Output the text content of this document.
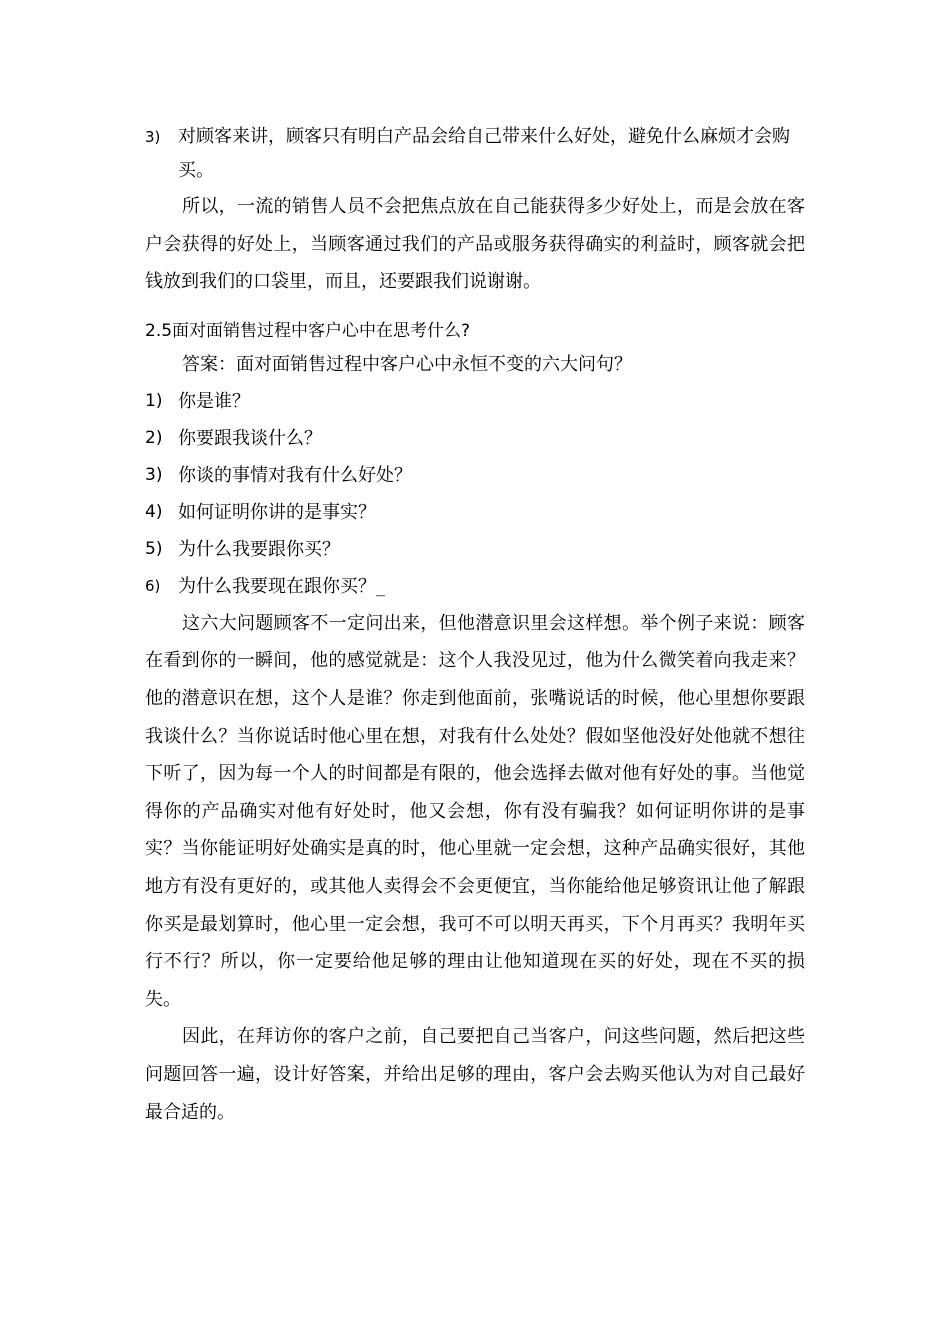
3) 对顾客来讲，顾客只有明白产品会给自己带来什么好处，避免什么麻烦才会购买。

所以，一流的销售人员不会把焦点放在自己能获得多少好处上，而是会放在客户会获得的好处上，当顾客通过我们的产品或服务获得确实的利益时，顾客就会把钱放到我们的口袋里，而且，还要跟我们说谢谢。

2.5面对面销售过程中客户心中在思考什么?

答案：面对面销售过程中客户心中永恒不变的六大问句？

1) 你是谁？
2) 你要跟我谈什么？
3) 你谈的事情对我有什么好处？
4) 如何证明你讲的是事实？
5) 为什么我要跟你买？
6) 为什么我要现在跟你买？_

这六大问题顾客不一定问出来，但他潜意识里会这样想。举个例子来说：顾客在看到你的一瞬间，他的感觉就是：这个人我没见过，他为什么微笑着向我走来？他的潜意识在想，这个人是谁？你走到他面前，张嘴说话的时候，他心里想你要跟我谈什么？当你说话时他心里在想，对我有什么处处？假如坚他没好处他就不想往下听了，因为每一个人的时间都是有限的，他会选择去做对他有好处的事。当他觉得你的产品确实对他有好处时，他又会想，你有没有骗我？如何证明你讲的是事实？当你能证明好处确实是真的时，他心里就一定会想，这种产品确实很好，其他地方有没有更好的，或其他人卖得会不会更便宜，当你能给他足够资讯让他了解跟你买是最划算时，他心里一定会想，我可不可以明天再买，下个月再买？我明年买行不行？所以，你一定要给他足够的理由让他知道现在买的好处，现在不买的损失。

因此，在拜访你的客户之前，自己要把自己当客户，问这些问题，然后把这些问题回答一遍，设计好答案，并给出足够的理由，客户会去购买他认为对自己最好最合适的。
